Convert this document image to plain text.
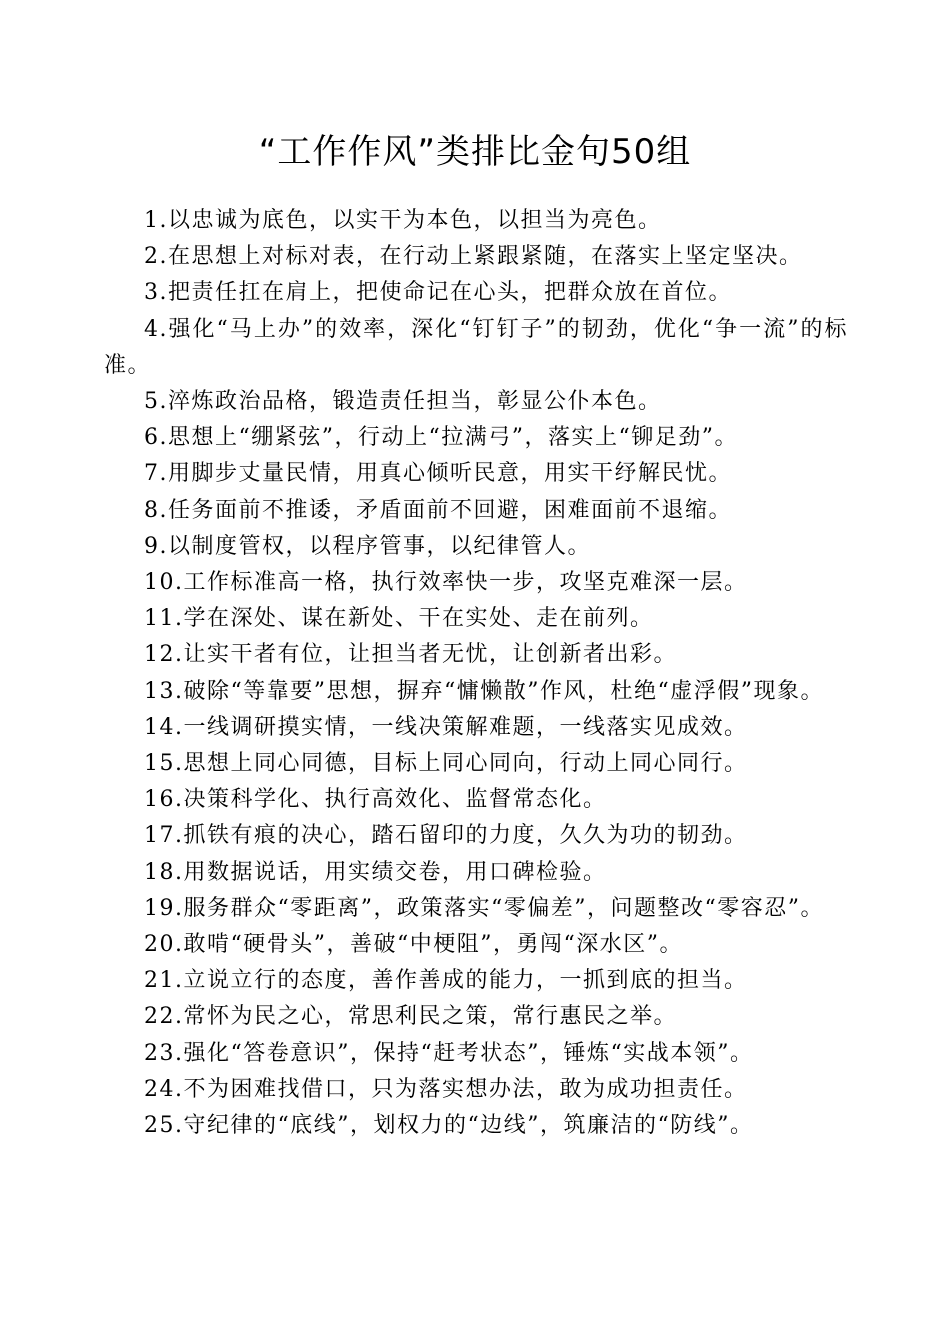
“工作作风”类排比金句50组

1.以忠诚为底色，以实干为本色，以担当为亮色。

2.在思想上对标对表，在行动上紧跟紧随，在落实上坚定坚决。

3.把责任扛在肩上，把使命记在心头，把群众放在首位。

4.强化“马上办”的效率，深化“钉钉子”的韧劲，优化“争一流”的标准。

5.淬炼政治品格，锻造责任担当，彰显公仆本色。

6.思想上“绷紧弦”，行动上“拉满弓”，落实上“铆足劲”。

7.用脚步丈量民情，用真心倾听民意，用实干纾解民忧。

8.任务面前不推诿，矛盾面前不回避，困难面前不退缩。

9.以制度管权，以程序管事，以纪律管人。

10.工作标准高一格，执行效率快一步，攻坚克难深一层。

11.学在深处、谋在新处、干在实处、走在前列。

12.让实干者有位，让担当者无忧，让创新者出彩。

13.破除“等靠要”思想，摒弃“慵懒散”作风，杜绝“虚浮假”现象。

14.一线调研摸实情，一线决策解难题，一线落实见成效。

15.思想上同心同德，目标上同心同向，行动上同心同行。

16.决策科学化、执行高效化、监督常态化。

17.抓铁有痕的决心，踏石留印的力度，久久为功的韧劲。

18.用数据说话，用实绩交卷，用口碑检验。

19.服务群众“零距离”，政策落实“零偏差”，问题整改“零容忍”。

20.敢啃“硬骨头”，善破“中梗阻”，勇闯“深水区”。

21.立说立行的态度，善作善成的能力，一抓到底的担当。

22.常怀为民之心，常思利民之策，常行惠民之举。

23.强化“答卷意识”，保持“赶考状态”，锤炼“实战本领”。

24.不为困难找借口，只为落实想办法，敢为成功担责任。

25.守纪律的“底线”，划权力的“边线”，筑廉洁的“防线”。
